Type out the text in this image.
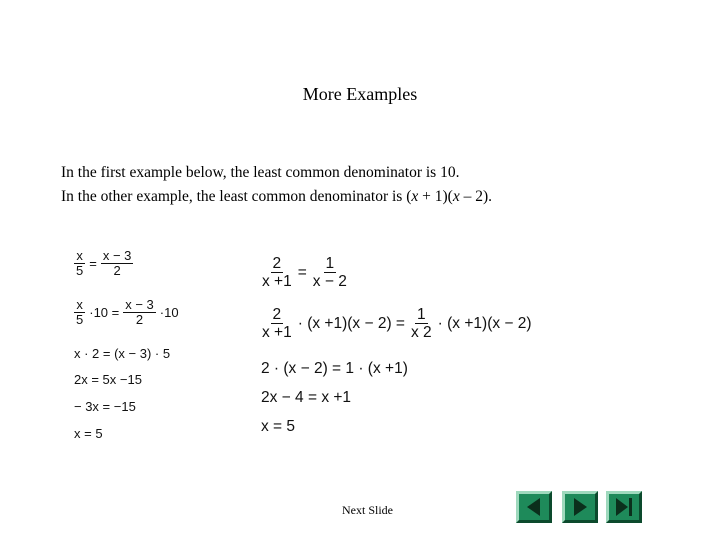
More Examples
In the first example below, the least common denominator is 10.
In the other example, the least common denominator is (x + 1)(x – 2).
$\frac{x}{5} = \frac{x - 3}{2}$
$\frac{x}{5} \cdot 10 = \frac{x - 3}{2} \cdot 10$
x · 2 = (x − 3) · 5
2x = 5x −15
− 3x = −15
x = 5
$\frac{2}{x +1} = \frac{1}{x - 2}$
$\frac{2}{x +1} \cdot (x +1)(x - 2) = \frac{1}{x 2} \cdot (x +1)(x - 2)$
2 · (x − 2) = 1 · (x +1)
2x − 4 = x +1
x = 5
Next Slide
